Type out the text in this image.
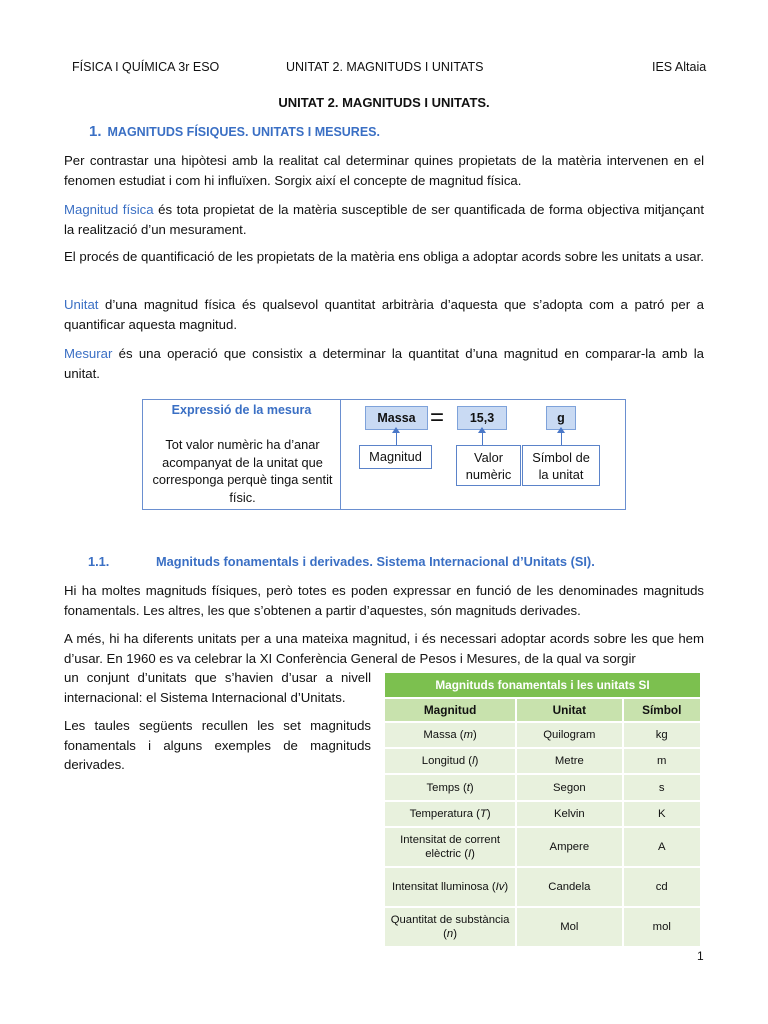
FÍSICA I QUÍMICA 3r ESO	UNITAT 2. MAGNITUDS I UNITATS	IES Altaia
UNITAT 2. MAGNITUDS I UNITATS.
1. MAGNITUDS FÍSIQUES. UNITATS I MESURES.

Per contrastar una hipòtesi amb la realitat cal determinar quines propietats de la matèria intervenen en el fenomen estudiat i com hi influïxen. Sorgix així el concepte de magnitud física.

Magnitud física és tota propietat de la matèria susceptible de ser quantificada de forma objectiva mitjançant la realització d’un mesurament.

El procés de quantificació de les propietats de la matèria ens obliga a adoptar acords sobre les unitats a usar.

Unitat d’una magnitud física és qualsevol quantitat arbitrària d’aquesta que s’adopta com a patró per a quantificar aquesta magnitud.

Mesurar és una operació que consistix a determinar la quantitat d’una magnitud en comparar-la amb la unitat.

Expressió de la mesura
Tot valor numèric ha d’anar acompanyat de la unitat que corresponga perquè tinga sentit físic.
Massa =	15,3	g
Magnitud	Valor numèric
Símbol de la unitat
1.1.	Magnituds fonamentals i derivades. Sistema Internacional d’Unitats (SI).

Hi ha moltes magnituds físiques, però totes es poden expressar en funció de les denominades magnituds fonamentals. Les altres, les que s’obtenen a partir d’aquestes, són magnituds derivades.

A més, hi ha diferents unitats per a una mateixa magnitud, i és necessari adoptar acords sobre les que hem d’usar. En 1960 es va celebrar la XI Conferència General de Pesos i Mesures, de la qual va sorgir

un conjunt d’unitats que s’havien d’usar a nivell internacional: el Sistema Internacional d’Unitats.

Les taules següents recullen les set magnituds fonamentals i alguns exemples de magnituds derivades.

Magnituds fonamentals i les unitats SI		
Magnitud	Unitat	Símbol
Massa (m)	Quilogram	kg
Longitud (l)	Metre	m
Temps (t)	Segon	s
Temperatura (T)	Kelvin	K
Intensitat de corrent elèctric (I)	Ampere	A
Intensitat lluminosa (Iv)	Candela	cd
Quantitat de substància (n)	Mol	mol
1
